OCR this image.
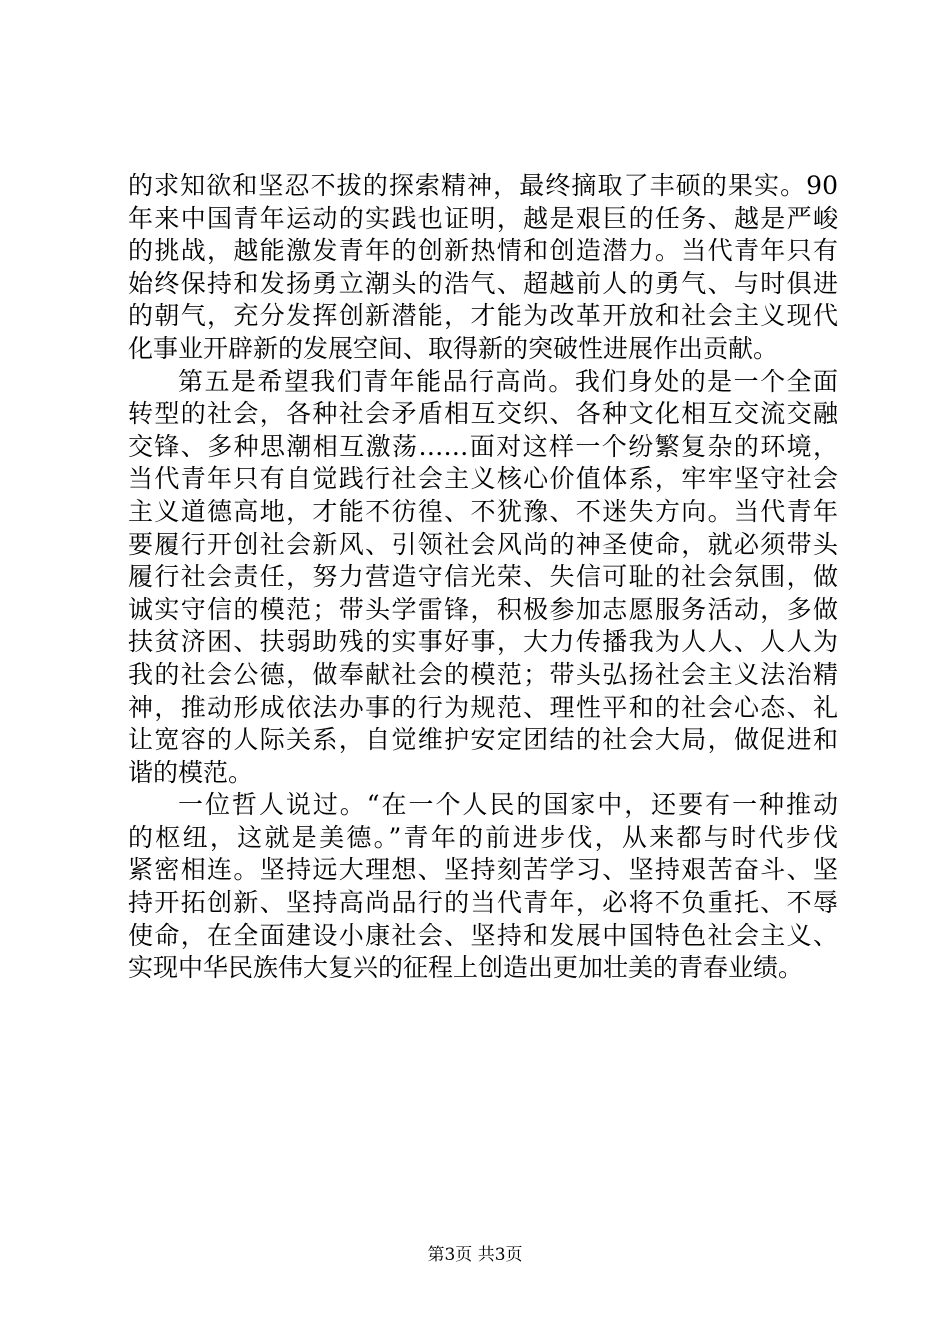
的求知欲和坚忍不拔的探索精神，最终摘取了丰硕的果实。90
年来中国青年运动的实践也证明，越是艰巨的任务、越是严峻
的挑战，越能激发青年的创新热情和创造潜力。当代青年只有
始终保持和发扬勇立潮头的浩气、超越前人的勇气、与时俱进
的朝气，充分发挥创新潜能，才能为改革开放和社会主义现代
化事业开辟新的发展空间、取得新的突破性进展作出贡献。
第五是希望我们青年能品行高尚。我们身处的是一个全面
转型的社会，各种社会矛盾相互交织、各种文化相互交流交融
交锋、多种思潮相互激荡……面对这样一个纷繁复杂的环境，
当代青年只有自觉践行社会主义核心价值体系，牢牢坚守社会
主义道德高地，才能不彷徨、不犹豫、不迷失方向。当代青年
要履行开创社会新风、引领社会风尚的神圣使命，就必须带头
履行社会责任，努力营造守信光荣、失信可耻的社会氛围，做
诚实守信的模范；带头学雷锋，积极参加志愿服务活动，多做
扶贫济困、扶弱助残的实事好事，大力传播我为人人、人人为
我的社会公德，做奉献社会的模范；带头弘扬社会主义法治精
神，推动形成依法办事的行为规范、理性平和的社会心态、礼
让宽容的人际关系，自觉维护安定团结的社会大局，做促进和
谐的模范。
一位哲人说过。“在一个人民的国家中，还要有一种推动
的枢纽，这就是美德。”青年的前进步伐，从来都与时代步伐
紧密相连。坚持远大理想、坚持刻苦学习、坚持艰苦奋斗、坚
持开拓创新、坚持高尚品行的当代青年，必将不负重托、不辱
使命，在全面建设小康社会、坚持和发展中国特色社会主义、
实现中华民族伟大复兴的征程上创造出更加壮美的青春业绩。
第3页 共3页
